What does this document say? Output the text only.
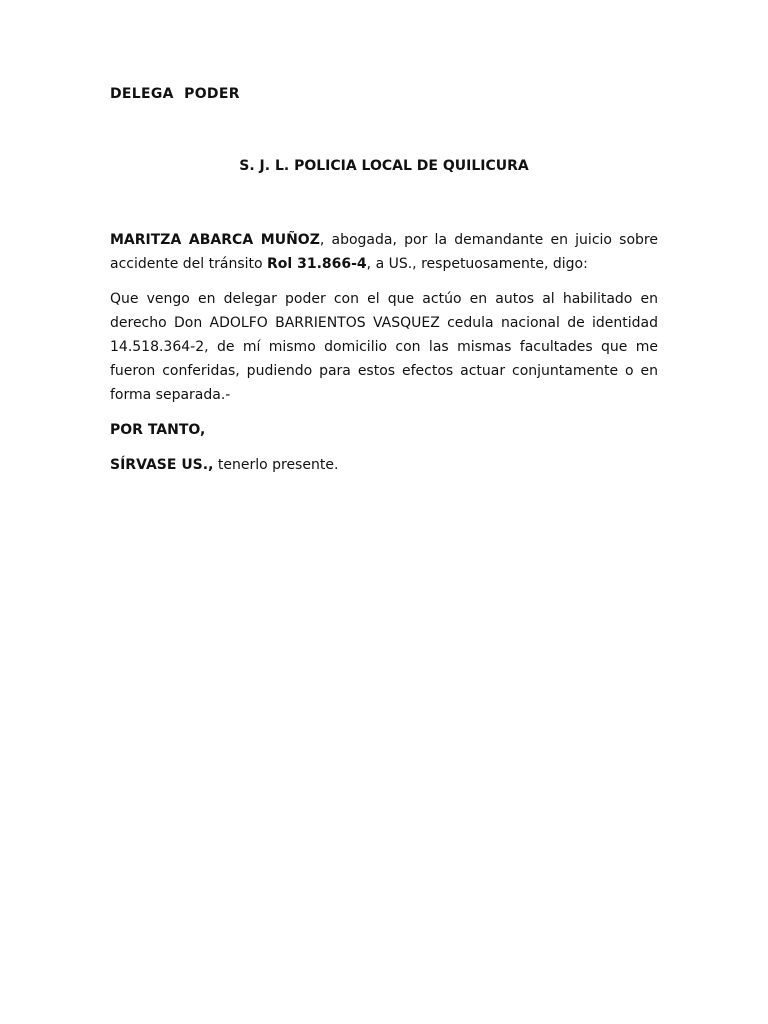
DELEGA  PODER
S. J. L. POLICIA LOCAL DE QUILICURA

MARITZA ABARCA MUÑOZ, abogada, por la demandante en juicio sobre accidente del tránsito Rol 31.866-4, a US., respetuosamente, digo:

Que vengo en delegar poder con el que actúo en autos al habilitado en derecho Don ADOLFO BARRIENTOS VASQUEZ cedula nacional de identidad 14.518.364-2, de mí mismo domicilio con las mismas facultades que me fueron conferidas, pudiendo para estos efectos actuar conjuntamente o en forma separada.-

POR TANTO,

SÍRVASE US., tenerlo presente.
